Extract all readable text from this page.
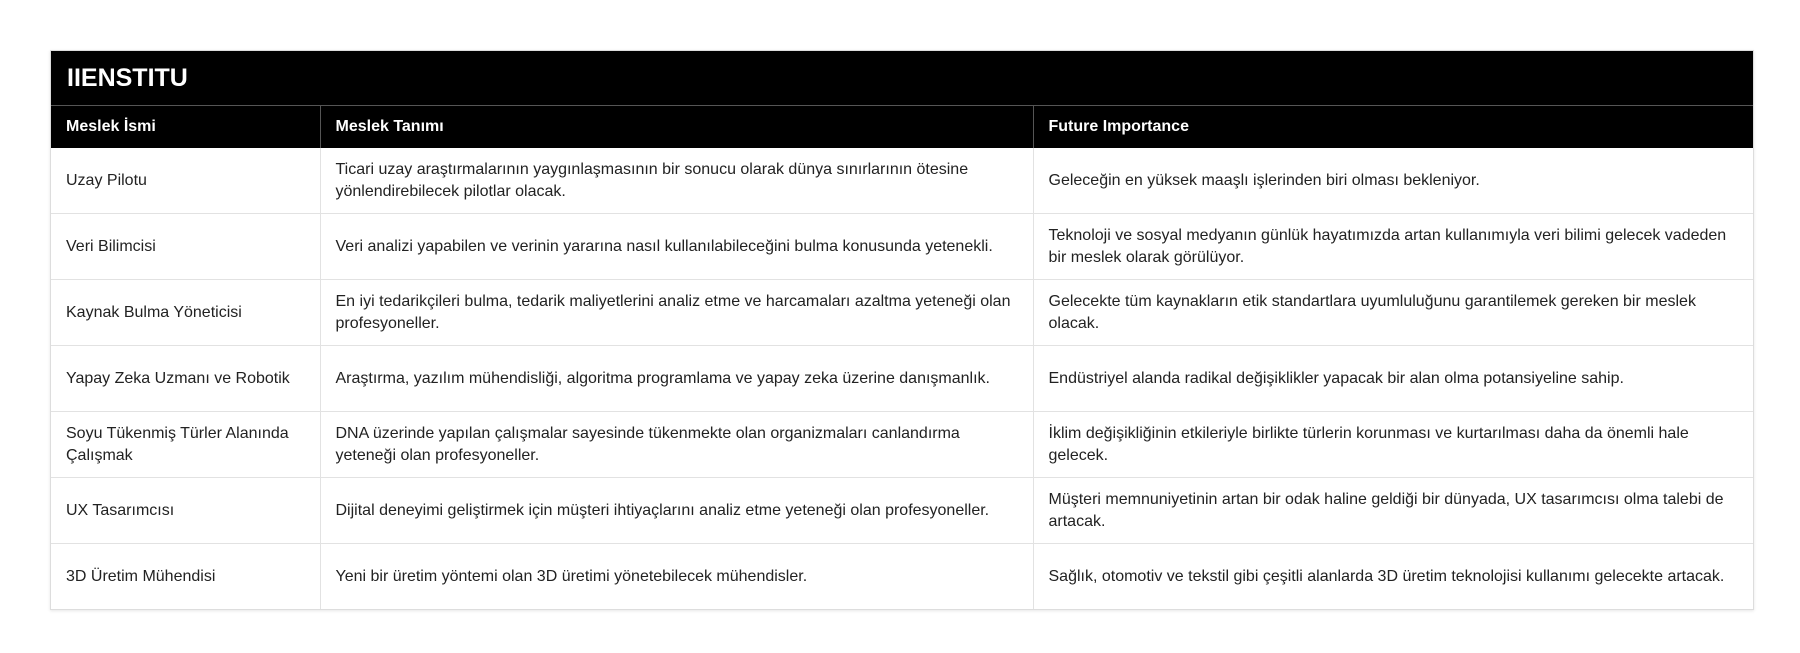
IIENSTITU
Meslek İsmi	Meslek Tanımı	Future Importance
Uzay Pilotu	Ticari uzay araştırmalarının yaygınlaşmasının bir sonucu olarak dünya sınırlarının ötesine yönlendirebilecek pilotlar olacak.	Geleceğin en yüksek maaşlı işlerinden biri olması bekleniyor.
Veri Bilimcisi	Veri analizi yapabilen ve verinin yararına nasıl kullanılabileceğini bulma konusunda yetenekli.	Teknoloji ve sosyal medyanın günlük hayatımızda artan kullanımıyla veri bilimi gelecek vadeden bir meslek olarak görülüyor.
Kaynak Bulma Yöneticisi	En iyi tedarikçileri bulma, tedarik maliyetlerini analiz etme ve harcamaları azaltma yeteneği olan profesyoneller.	Gelecekte tüm kaynakların etik standartlara uyumluluğunu garantilemek gereken bir meslek olacak.
Yapay Zeka Uzmanı ve Robotik	Araştırma, yazılım mühendisliği, algoritma programlama ve yapay zeka üzerine danışmanlık.	Endüstriyel alanda radikal değişiklikler yapacak bir alan olma potansiyeline sahip.
Soyu Tükenmiş Türler Alanında Çalışmak	DNA üzerinde yapılan çalışmalar sayesinde tükenmekte olan organizmaları canlandırma yeteneği olan profesyoneller.	İklim değişikliğinin etkileriyle birlikte türlerin korunması ve kurtarılması daha da önemli hale gelecek.
UX Tasarımcısı	Dijital deneyimi geliştirmek için müşteri ihtiyaçlarını analiz etme yeteneği olan profesyoneller.	Müşteri memnuniyetinin artan bir odak haline geldiği bir dünyada, UX tasarımcısı olma talebi de artacak.
3D Üretim Mühendisi	Yeni bir üretim yöntemi olan 3D üretimi yönetebilecek mühendisler.	Sağlık, otomotiv ve tekstil gibi çeşitli alanlarda 3D üretim teknolojisi kullanımı gelecekte artacak.
